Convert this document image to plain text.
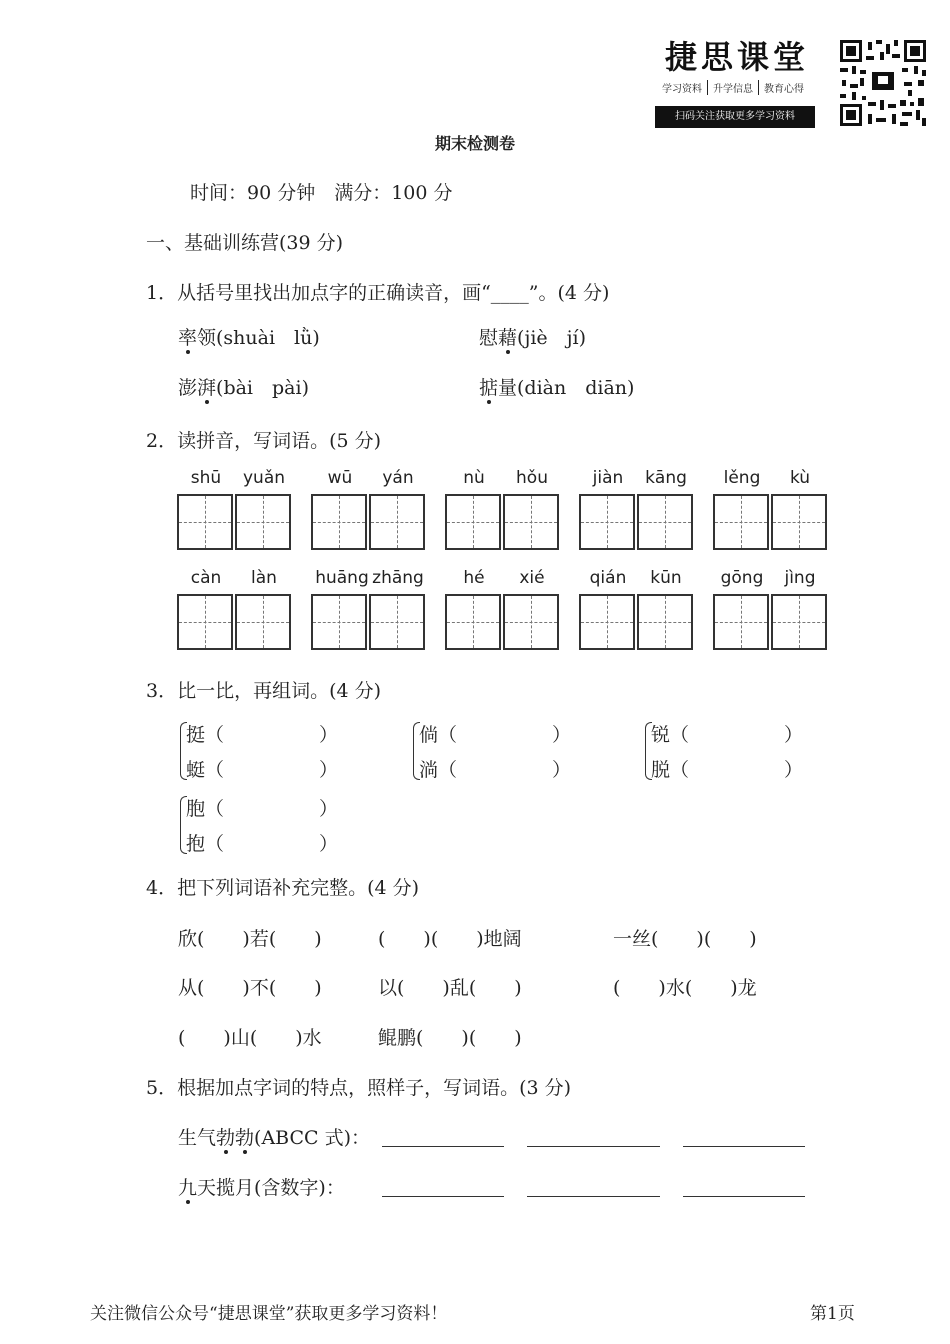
捷思课堂
学习资料 升学信息 教育心得
扫码关注获取更多学习资料
期末检测卷
时间：90 分钟　满分：100 分
一、基础训练营(39 分)
1．从括号里找出加点字的正确读音，画“____”。(4 分)
率领(shuài　lǜ)	慰藉(jiè　jí)
澎湃(bài　pài)	掂量(diàn　diān)
2．读拼音，写词语。(5 分)
shū	yuǎn	wū	yán	nù	hǒu	jiàn	kāng	lěng	kù
càn	làn	huāng zhāng	hé	xié	qián	kūn	gōng	jìng
3．比一比，再组词。(4 分)
挺（　　　　　）
蜓（　　　　　）
倘（　　　　　）
淌（　　　　　）
锐（　　　　　）
脱（　　　　　）
胞（　　　　　）
抱（　　　　　）
4．把下列词语补充完整。(4 分)
欣(　　)若(　　)	(　　)(　　)地阔	一丝(　　)(　　)
从(　　)不(　　)	以(　　)乱(　　)	(　　)水(　　)龙
(　　)山(　　)水	鲲鹏(　　)(　　)
5．根据加点字词的特点，照样子，写词语。(3 分)
生气勃勃(ABCC 式)：
九天揽月(含数字)：
关注微信公众号“捷思课堂”获取更多学习资料！	第1页
